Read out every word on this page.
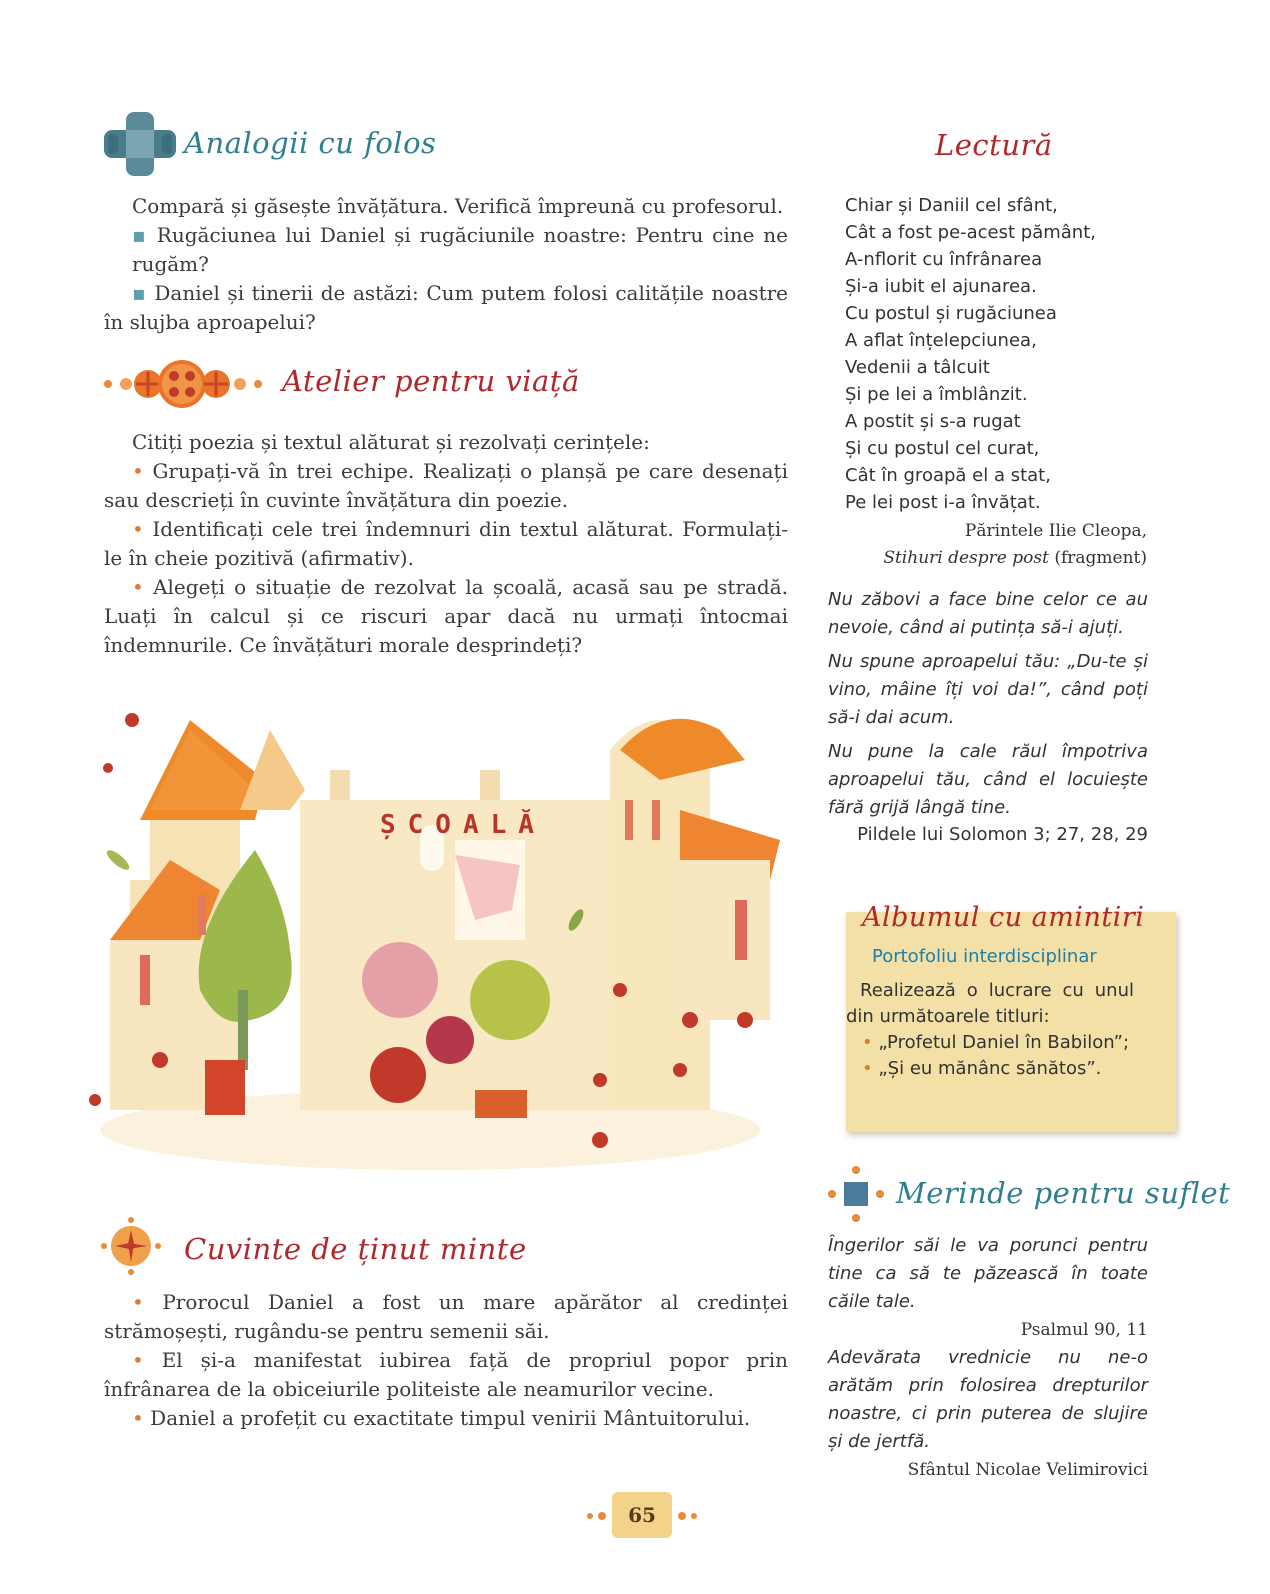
Analogii cu folos
Compară și găsește învățătura. Verifică împreună cu profesorul.
▪ Rugăciunea lui Daniel și rugăciunile noastre: Pentru cine ne rugăm?
▪ Daniel și tinerii de astăzi: Cum putem folosi calitățile noastre în slujba aproapelui?
Atelier pentru viață
Citiți poezia și textul alăturat și rezolvați cerințele:
• Grupați-vă în trei echipe. Realizați o planșă pe care desenați sau descrieți în cuvinte învățătura din poezie.
• Identificați cele trei îndemnuri din textul alăturat. Formulați-le în cheie pozitivă (afirmativ).
• Alegeți o situație de rezolvat la școală, acasă sau pe stradă. Luați în calcul și ce riscuri apar dacă nu urmați întocmai îndemnurile. Ce învățături morale desprindeți?
ȘCOALĂ
Cuvinte de ținut minte
• Prorocul Daniel a fost un mare apărător al credinței strămoșești, rugându-se pentru semenii săi.
• El și-a manifestat iubirea față de propriul popor prin înfrânarea de la obiceiurile politeiste ale neamurilor vecine.
• Daniel a profețit cu exactitate timpul venirii Mântuitorului.
Lectură
Chiar și Daniil cel sfânt,
Cât a fost pe-acest pământ,
A-nflorit cu înfrânarea
Și-a iubit el ajunarea.
Cu postul și rugăciunea
A aflat înțelepciunea,
Vedenii a tâlcuit
Și pe lei a îmblânzit.
A postit și s-a rugat
Și cu postul cel curat,
Cât în groapă el a stat,
Pe lei post i-a învățat.
Părintele Ilie Cleopa,
Stihuri despre post (fragment)
Nu zăbovi a face bine celor ce au nevoie, când ai putința să-i ajuți.
Nu spune aproapelui tău: „Du-te și vino, mâine îți voi da!”, când poți să-i dai acum.
Nu pune la cale răul împotriva aproapelui tău, când el locuiește fără grijă lângă tine.
Pildele lui Solomon 3; 27, 28, 29
Albumul cu amintiri
Portofoliu interdisciplinar
Realizează o lucrare cu unul din următoarele titluri:
• „Profetul Daniel în Babilon”;
• „Și eu mănânc sănătos”.
Merinde pentru suflet
Îngerilor săi le va porunci pentru tine ca să te păzească în toate căile tale.
Psalmul 90, 11
Adevărata vrednicie nu ne-o arătăm prin folosirea drepturilor noastre, ci prin puterea de slujire și de jertfă.
Sfântul Nicolae Velimirovici
65
